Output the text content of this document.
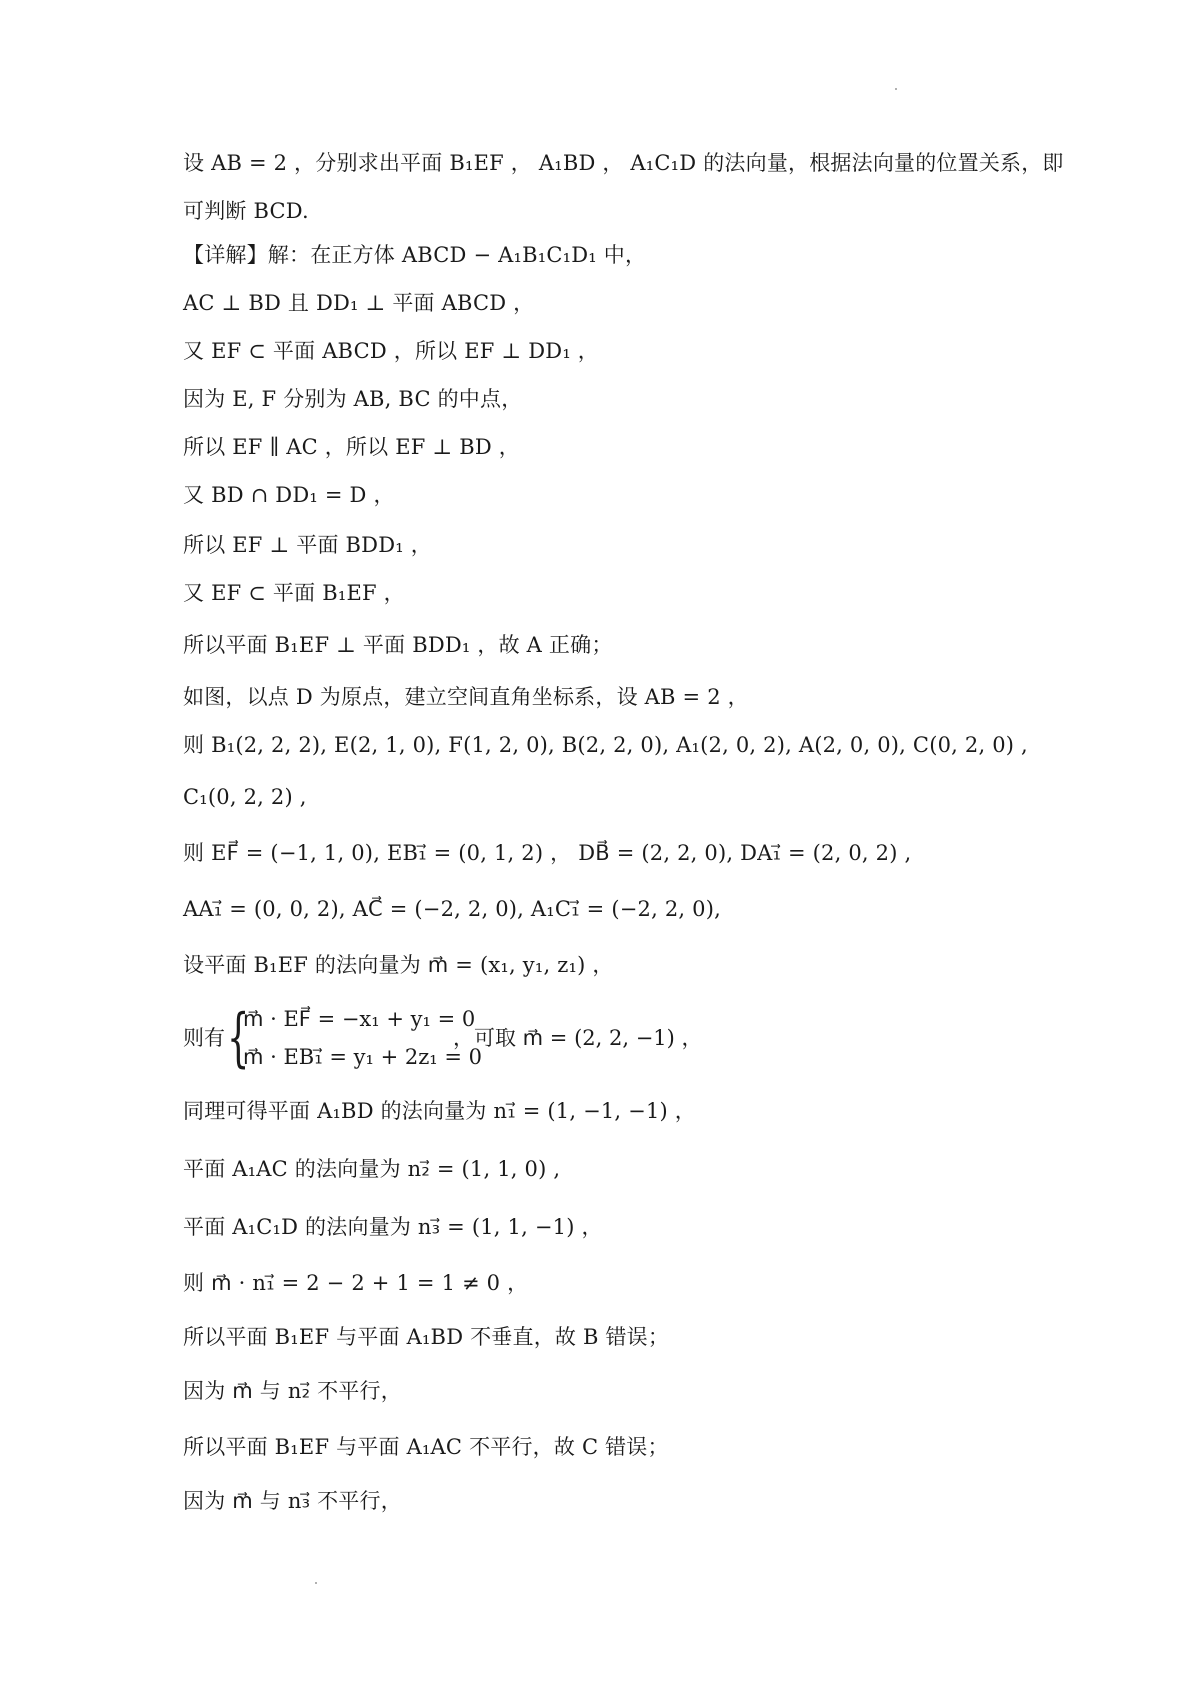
设 AB = 2 ，分别求出平面 B₁EF ， A₁BD ， A₁C₁D 的法向量，根据法向量的位置关系，即
可判断 BCD.
【详解】解：在正方体 ABCD − A₁B₁C₁D₁ 中，
AC ⊥ BD 且 DD₁ ⊥ 平面 ABCD ，
又 EF ⊂ 平面 ABCD ，所以 EF ⊥ DD₁ ，
因为 E, F 分别为 AB, BC 的中点，
所以 EF ∥ AC ，所以 EF ⊥ BD ，
又 BD ∩ DD₁ = D ，
所以 EF ⊥ 平面 BDD₁ ，
又 EF ⊂ 平面 B₁EF ，
所以平面 B₁EF ⊥ 平面 BDD₁ ，故 A 正确；
如图，以点 D 为原点，建立空间直角坐标系，设 AB = 2 ，
则 B₁(2, 2, 2), E(2, 1, 0), F(1, 2, 0), B(2, 2, 0), A₁(2, 0, 2), A(2, 0, 0), C(0, 2, 0) ,
C₁(0, 2, 2) ,
则 EF⃗ = (−1, 1, 0), EB₁⃗ = (0, 1, 2) ， DB⃗ = (2, 2, 0), DA₁⃗ = (2, 0, 2) ,
AA₁⃗ = (0, 0, 2), AC⃗ = (−2, 2, 0), A₁C₁⃗ = (−2, 2, 0),
设平面 B₁EF 的法向量为 m⃗ = (x₁, y₁, z₁) ，
则有 {
m⃗ · EF⃗ = −x₁ + y₁ = 0
m⃗ · EB₁⃗ = y₁ + 2z₁ = 0
，可取 m⃗ = (2, 2, −1) ，
同理可得平面 A₁BD 的法向量为 n₁⃗ = (1, −1, −1) ，
平面 A₁AC 的法向量为 n₂⃗ = (1, 1, 0) ,
平面 A₁C₁D 的法向量为 n₃⃗ = (1, 1, −1) ，
则 m⃗ · n₁⃗ = 2 − 2 + 1 = 1 ≠ 0 ，
所以平面 B₁EF 与平面 A₁BD 不垂直，故 B 错误；
因为 m⃗ 与 n₂⃗ 不平行，
所以平面 B₁EF 与平面 A₁AC 不平行，故 C 错误；
因为 m⃗ 与 n₃⃗ 不平行，
